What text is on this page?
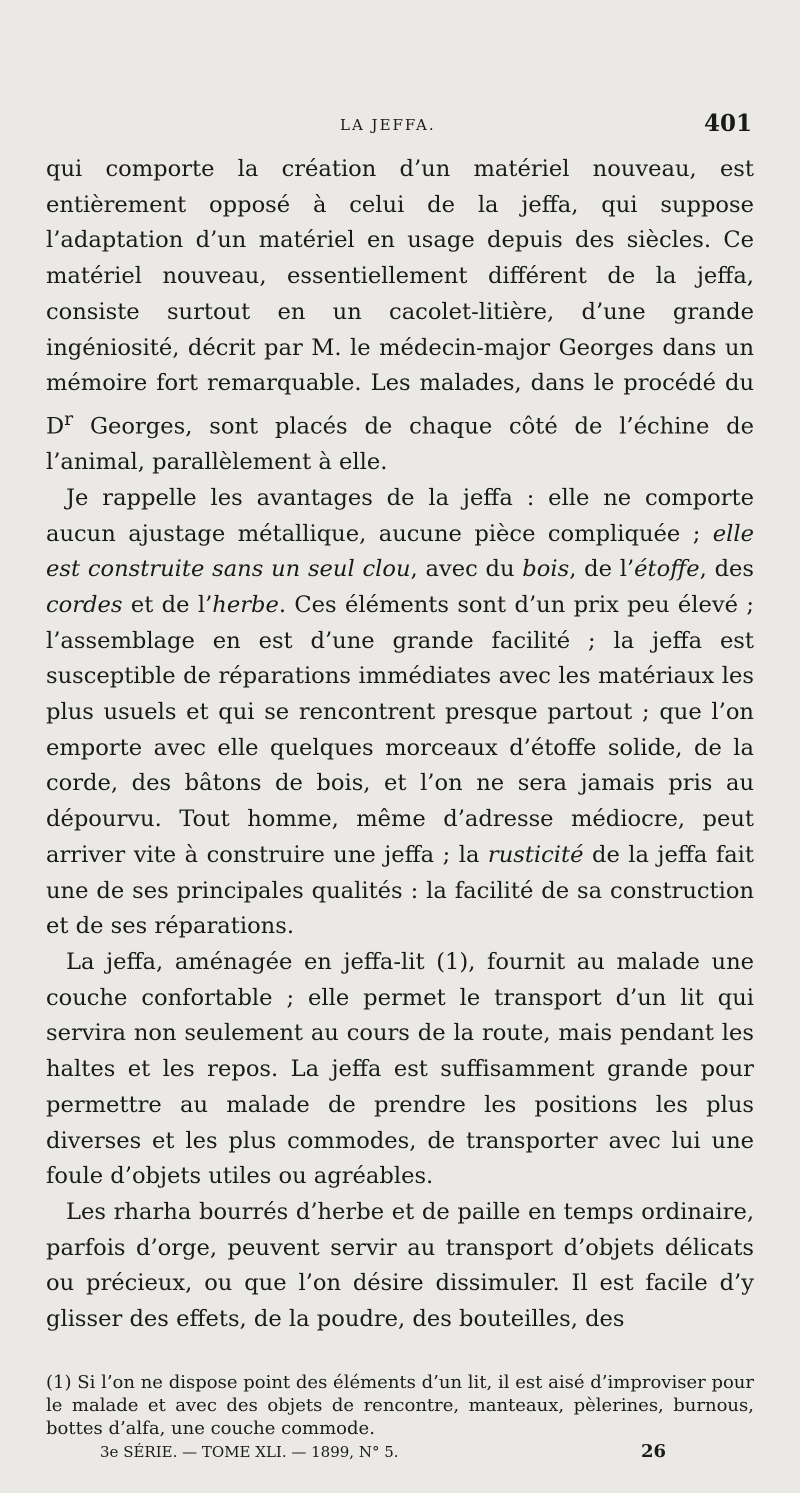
LA JEFFA.	401

qui comporte la création d’un matériel nouveau, est entièrement opposé à celui de la jeffa, qui suppose l’adaptation d’un matériel en usage depuis des siècles. Ce matériel nouveau, essentiellement différent de la jeffa, consiste surtout en un cacolet-litière, d’une grande ingéniosité, décrit par M. le médecin-major Georges dans un mémoire fort remarquable. Les malades, dans le procédé du $D^r$ Georges, sont placés de chaque côté de l’échine de l’animal, parallèlement à elle.

Je rappelle les avantages de la jeffa : elle ne comporte aucun ajustage métallique, aucune pièce compliquée ; elle est construite sans un seul clou, avec du bois, de l’étoffe, des cordes et de l’herbe. Ces éléments sont d’un prix peu élevé ; l’assemblage en est d’une grande facilité ; la jeffa est susceptible de réparations immédiates avec les matériaux les plus usuels et qui se rencontrent presque partout ; que l’on emporte avec elle quelques morceaux d’étoffe solide, de la corde, des bâtons de bois, et l’on ne sera jamais pris au dépourvu. Tout homme, même d’adresse médiocre, peut arriver vite à construire une jeffa ; la rusticité de la jeffa fait une de ses principales qualités : la facilité de sa construction et de ses réparations.

La jeffa, aménagée en jeffa-lit (1), fournit au malade une couche confortable ; elle permet le transport d’un lit qui servira non seulement au cours de la route, mais pendant les haltes et les repos. La jeffa est suffisamment grande pour permettre au malade de prendre les positions les plus diverses et les plus commodes, de transporter avec lui une foule d’objets utiles ou agréables.

Les rharha bourrés d’herbe et de paille en temps ordinaire, parfois d’orge, peuvent servir au transport d’objets délicats ou précieux, ou que l’on désire dissimuler. Il est facile d’y glisser des effets, de la poudre, des bouteilles, des

(1) Si l’on ne dispose point des éléments d’un lit, il est aisé d’improviser pour le malade et avec des objets de rencontre, manteaux, pèlerines, burnous, bottes d’alfa, une couche commode.
3e SÉRIE. — TOME XLI. — 1899, N° 5.	26
